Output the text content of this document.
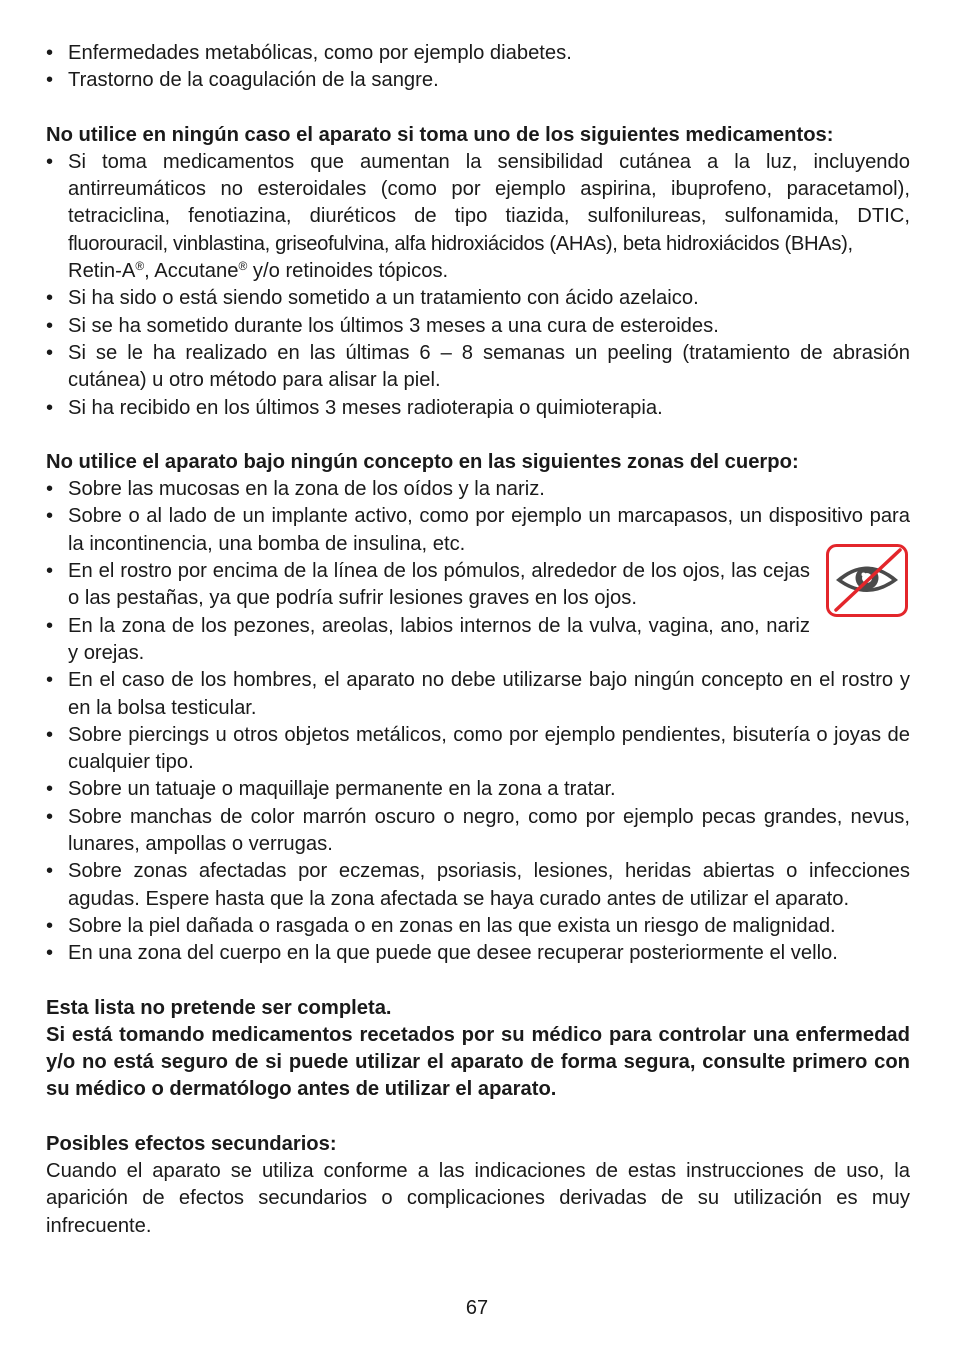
• Enfermedades metabólicas, como por ejemplo diabetes.
• Trastorno de la coagulación de la sangre.

No utilice en ningún caso el aparato si toma uno de los siguientes medicamentos:

• Si toma medicamentos que aumentan la sensibilidad cutánea a la luz, incluyendo antirreumáticos no esteroidales (como por ejemplo aspirina, ibuprofeno, paracetamol), tetraciclina, fenotiazina, diuréticos de tipo tiazida, sulfonilureas, sulfonamida, DTIC, fluorouracil, vinblastina, griseofulvina, alfa hidroxiácidos (AHAs), beta hidroxiácidos (BHAs),
Retin-A®, Accutane® y/o retinoides tópicos.
• Si ha sido o está siendo sometido a un tratamiento con ácido azelaico.
• Si se ha sometido durante los últimos 3 meses a una cura de esteroides.
• Si se le ha realizado en las últimas 6 – 8 semanas un peeling (tratamiento de abrasión cutánea) u otro método para alisar la piel.
• Si ha recibido en los últimos 3 meses radioterapia o quimioterapia.

No utilice el aparato bajo ningún concepto en las siguientes zonas del cuerpo:

• Sobre las mucosas en la zona de los oídos y la nariz.
• Sobre o al lado de un implante activo, como por ejemplo un marcapasos, un dispositivo para la incontinencia, una bomba de insulina, etc.
• En el rostro por encima de la línea de los pómulos, alrededor de los ojos, las cejas o las pestañas, ya que podría sufrir lesiones graves en los ojos.
• En la zona de los pezones, areolas, labios internos de la vulva, vagina, ano, nariz y orejas.
• En el caso de los hombres, el aparato no debe utilizarse bajo ningún concepto en el rostro y en la bolsa testicular.
• Sobre piercings u otros objetos metálicos, como por ejemplo pendientes, bisutería o joyas de cualquier tipo.
• Sobre un tatuaje o maquillaje permanente en la zona a tratar.
• Sobre manchas de color marrón oscuro o negro, como por ejemplo pecas grandes, nevus, lunares, ampollas o verrugas.
• Sobre zonas afectadas por eczemas, psoriasis, lesiones, heridas abiertas o infecciones agudas. Espere hasta que la zona afectada se haya curado antes de utilizar el aparato.
• Sobre la piel dañada o rasgada o en zonas en las que exista un riesgo de malignidad.
• En una zona del cuerpo en la que puede que desee recuperar posteriormente el vello.

Esta lista no pretende ser completa.

Si está tomando medicamentos recetados por su médico para controlar una enfermedad y/o no está seguro de si puede utilizar el aparato de forma segura, consulte primero con su médico o dermatólogo antes de utilizar el aparato.

Posibles efectos secundarios:

Cuando el aparato se utiliza conforme a las indicaciones de estas instrucciones de uso, la aparición de efectos secundarios o complicaciones derivadas de su utilización es muy infrecuente.

67
